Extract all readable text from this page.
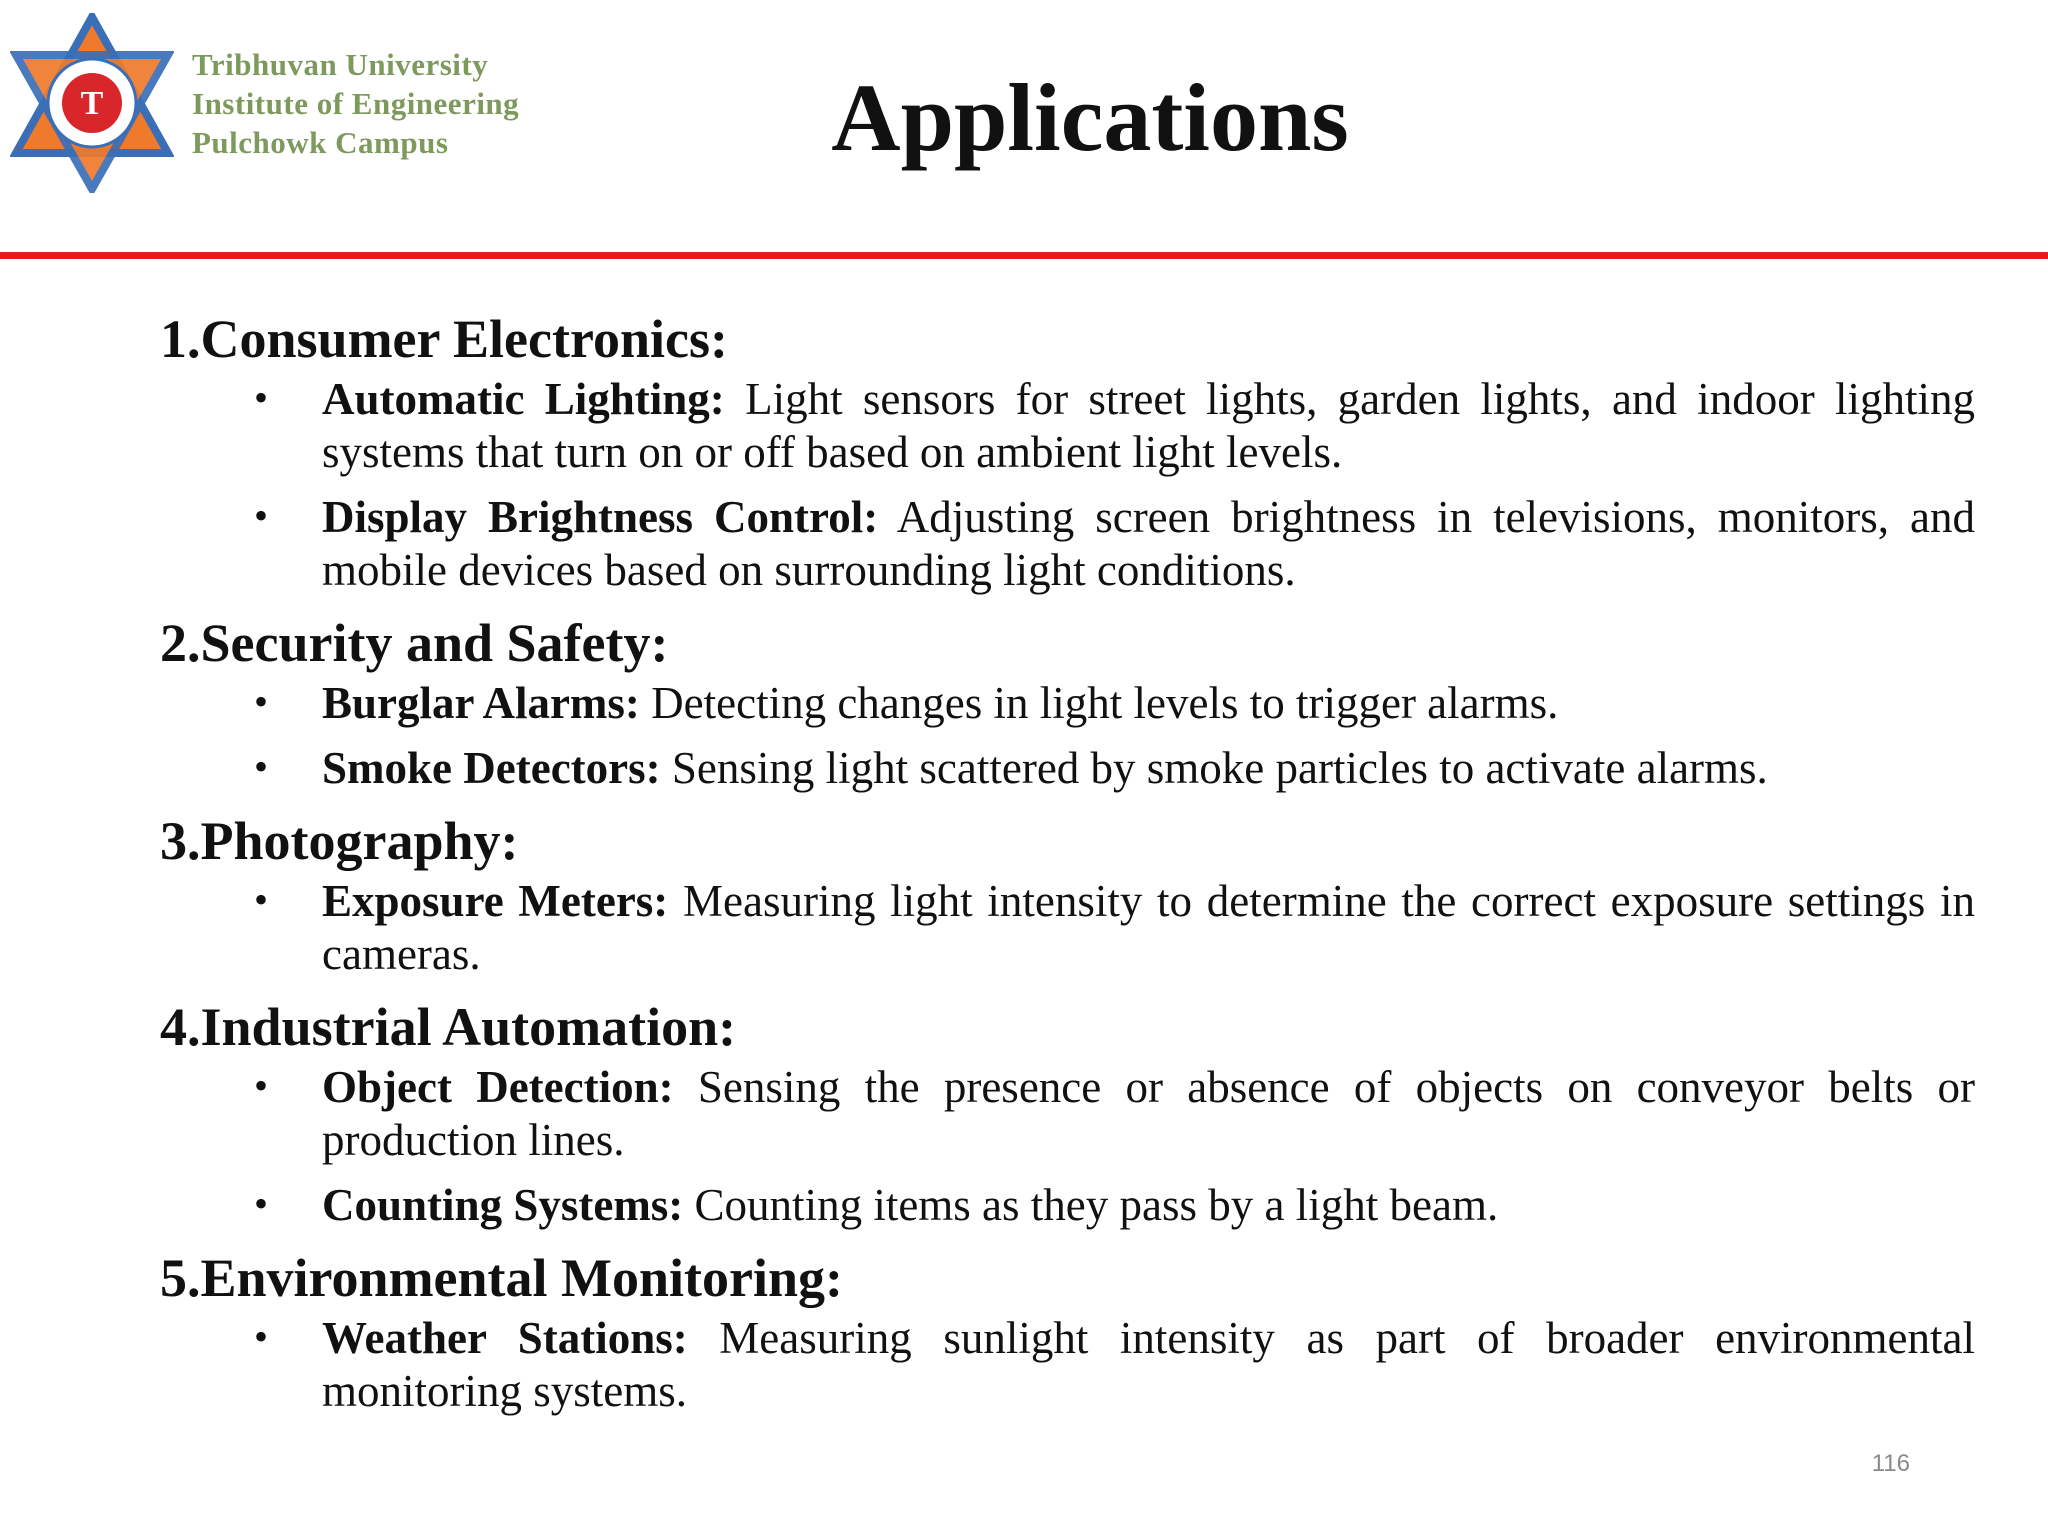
T
Tribhuvan University
Institute of Engineering
Pulchowk Campus	Applications
1.Consumer Electronics:
• Automatic Lighting: Light sensors for street lights, garden lights, and indoor lighting systems that turn on or off based on ambient light levels.
• Display Brightness Control: Adjusting screen brightness in televisions, monitors, and mobile devices based on surrounding light conditions.
2.Security and Safety:
• Burglar Alarms: Detecting changes in light levels to trigger alarms.
• Smoke Detectors: Sensing light scattered by smoke particles to activate alarms.
3.Photography:
• Exposure Meters: Measuring light intensity to determine the correct exposure settings in cameras.
4.Industrial Automation:
• Object Detection: Sensing the presence or absence of objects on conveyor belts or production lines.
• Counting Systems: Counting items as they pass by a light beam.
5.Environmental Monitoring:
• Weather Stations: Measuring sunlight intensity as part of broader environmental monitoring systems.
116
